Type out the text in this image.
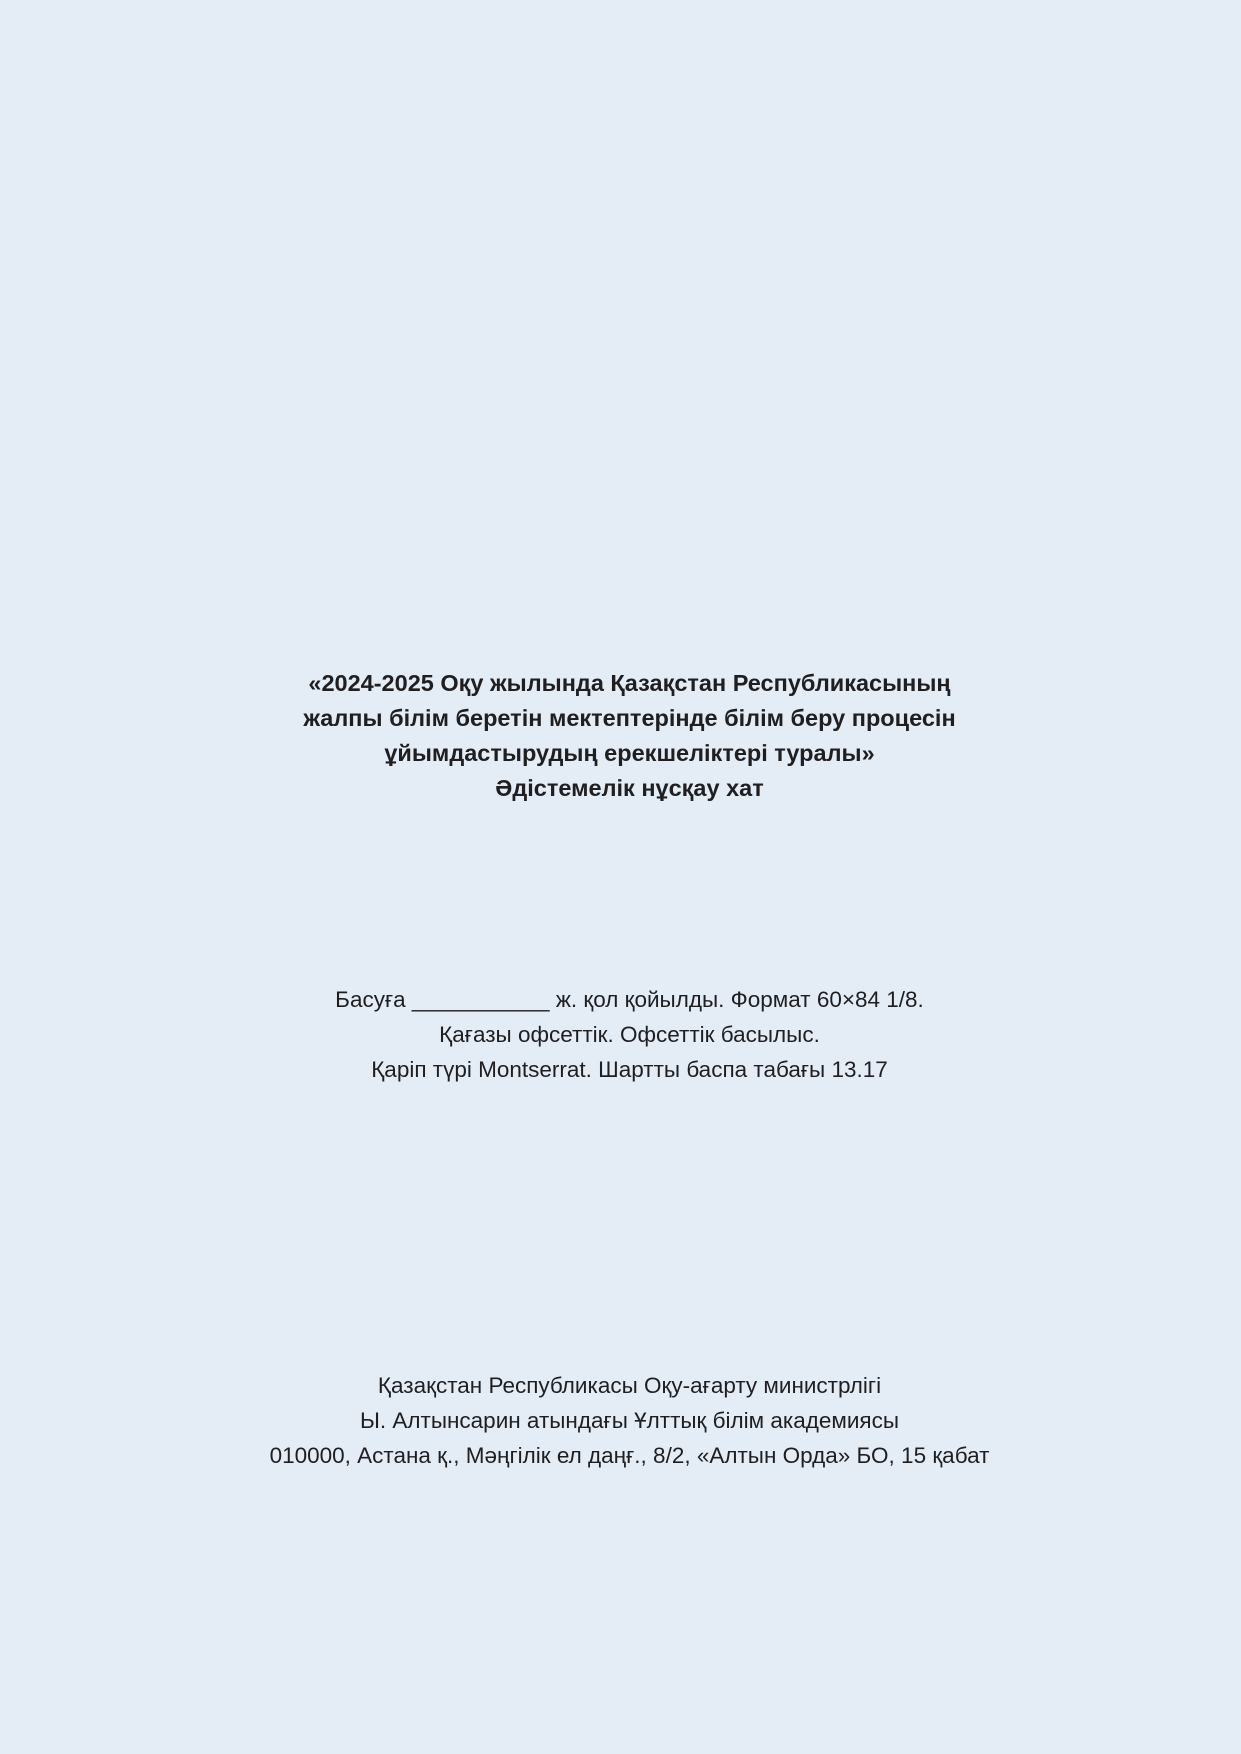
«2024-2025 Оқу жылында Қазақстан Республикасының
жалпы білім беретін мектептерінде білім беру процесін
ұйымдастырудың ерекшеліктері туралы»
Әдістемелік нұсқау хат
Басуға ___________ ж. қол қойылды. Формат 60×84 1/8.
Қағазы офсеттік. Офсеттік басылыс.
Қаріп түрі Montserrat. Шартты баспа табағы 13.17
Қазақстан Республикасы Оқу-ағарту министрлігі
Ы. Алтынсарин атындағы Ұлттық білім академиясы
010000, Астана қ., Мәңгілік ел даңғ., 8/2, «Алтын Орда» БО, 15 қабат
